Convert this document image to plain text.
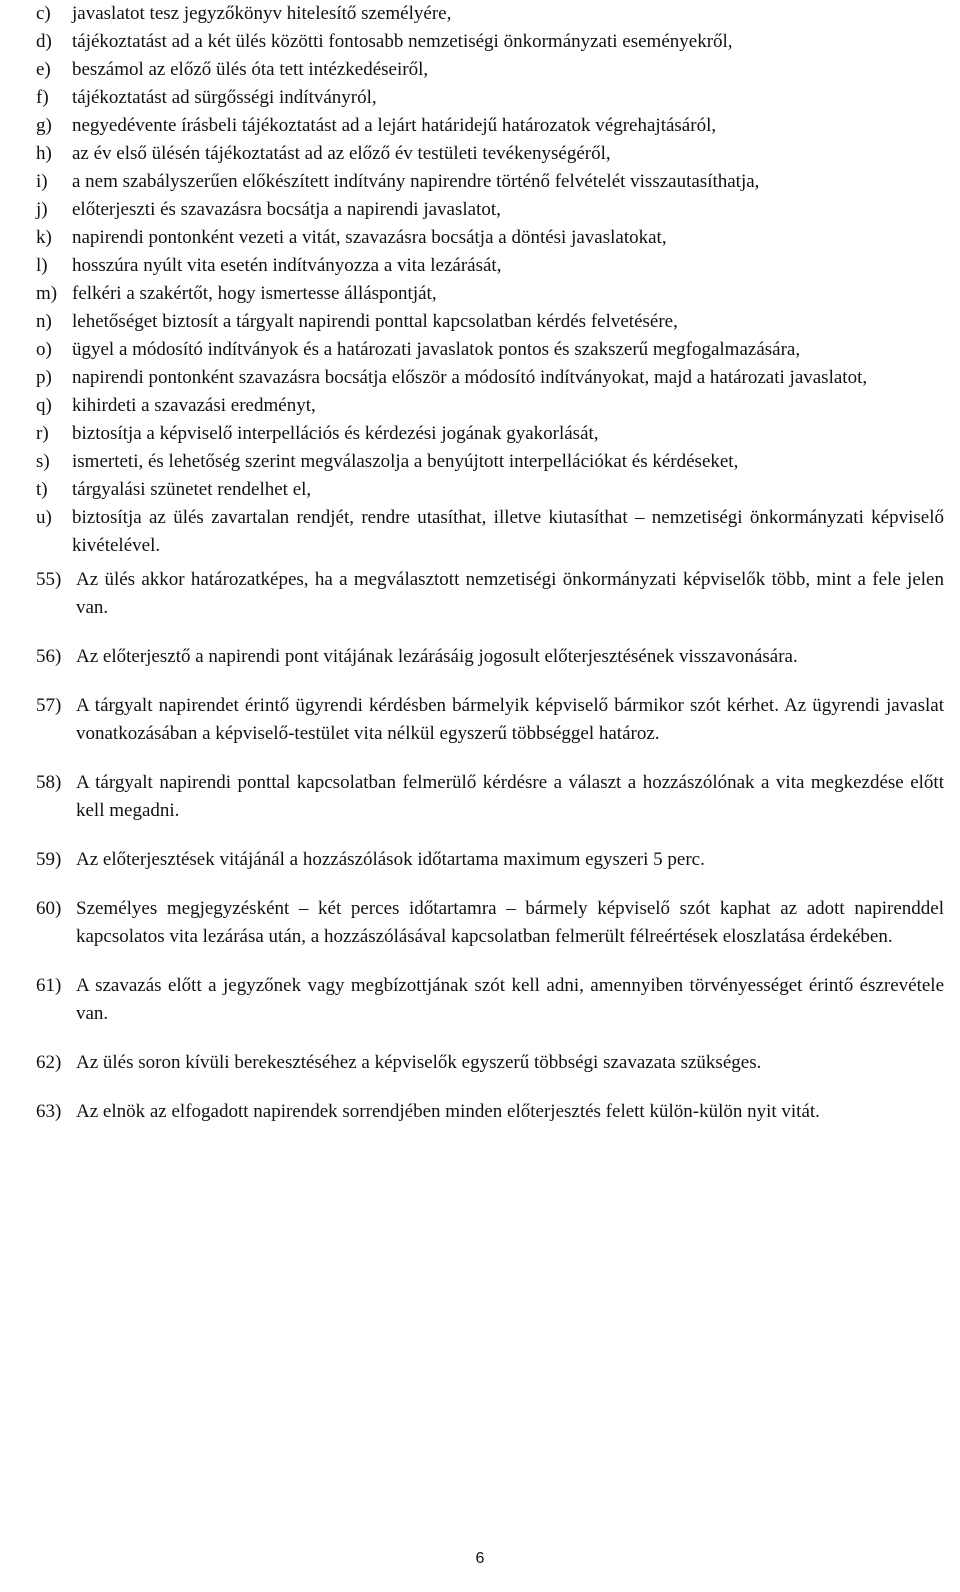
c)	javaslatot tesz jegyzőkönyv hitelesítő személyére,
d)	tájékoztatást ad a két ülés közötti fontosabb nemzetiségi önkormányzati eseményekről,
e)	beszámol az előző ülés óta tett intézkedéseiről,
f)	tájékoztatást ad sürgősségi indítványról,
g)	negyedévente írásbeli tájékoztatást ad a lejárt határidejű határozatok végrehajtásáról,
h)	az év első ülésén tájékoztatást ad az előző év testületi tevékenységéről,
i)	a nem szabályszerűen előkészített indítvány napirendre történő felvételét visszautasíthatja,
j)	előterjeszti és szavazásra bocsátja a napirendi javaslatot,
k)	napirendi pontonként vezeti a vitát, szavazásra bocsátja a döntési javaslatokat,
l)	hosszúra nyúlt vita esetén indítványozza a vita lezárását,
m) felkéri a szakértőt, hogy ismertesse álláspontját,
n)	lehetőséget biztosít a tárgyalt napirendi ponttal kapcsolatban kérdés felvetésére,
o)	ügyel a módosító indítványok és a határozati javaslatok pontos és szakszerű megfogalmazására,
p)	napirendi pontonként szavazásra bocsátja először a módosító indítványokat, majd a határozati javaslatot,
q)	kihirdeti a szavazási eredményt,
r)	biztosítja a képviselő interpellációs és kérdezési jogának gyakorlását,
s)	ismerteti, és lehetőség szerint megválaszolja a benyújtott interpellációkat és kérdéseket,
t)	tárgyalási szünetet rendelhet el,
u)	biztosítja az ülés zavartalan rendjét, rendre utasíthat, illetve kiutasíthat – nemzetiségi önkormányzati képviselő kivételével.
55) Az ülés akkor határozatképes, ha a megválasztott nemzetiségi önkormányzati képviselők több, mint a fele jelen van.
56) Az előterjesztő a napirendi pont vitájának lezárásáig jogosult előterjesztésének visszavonására.
57) A tárgyalt napirendet érintő ügyrendi kérdésben bármelyik képviselő bármikor szót kérhet. Az ügyrendi javaslat vonatkozásában a képviselő-testület vita nélkül egyszerű többséggel határoz.
58) A tárgyalt napirendi ponttal kapcsolatban felmerülő kérdésre a választ a hozzászólónak a vita megkezdése előtt kell megadni.
59) Az előterjesztések vitájánál a hozzászólások időtartama maximum egyszeri 5 perc.
60) Személyes megjegyzésként – két perces időtartamra – bármely képviselő szót kaphat az adott napirenddel kapcsolatos vita lezárása után, a hozzászólásával kapcsolatban felmerült félreértések eloszlatása érdekében.
61) A szavazás előtt a jegyzőnek vagy megbízottjának szót kell adni, amennyiben törvényességet érintő észrevétele van.
62) Az ülés soron kívüli berekesztéséhez a képviselők egyszerű többségi szavazata szükséges.
63) Az elnök az elfogadott napirendek sorrendjében minden előterjesztés felett külön-külön nyit vitát.
6
